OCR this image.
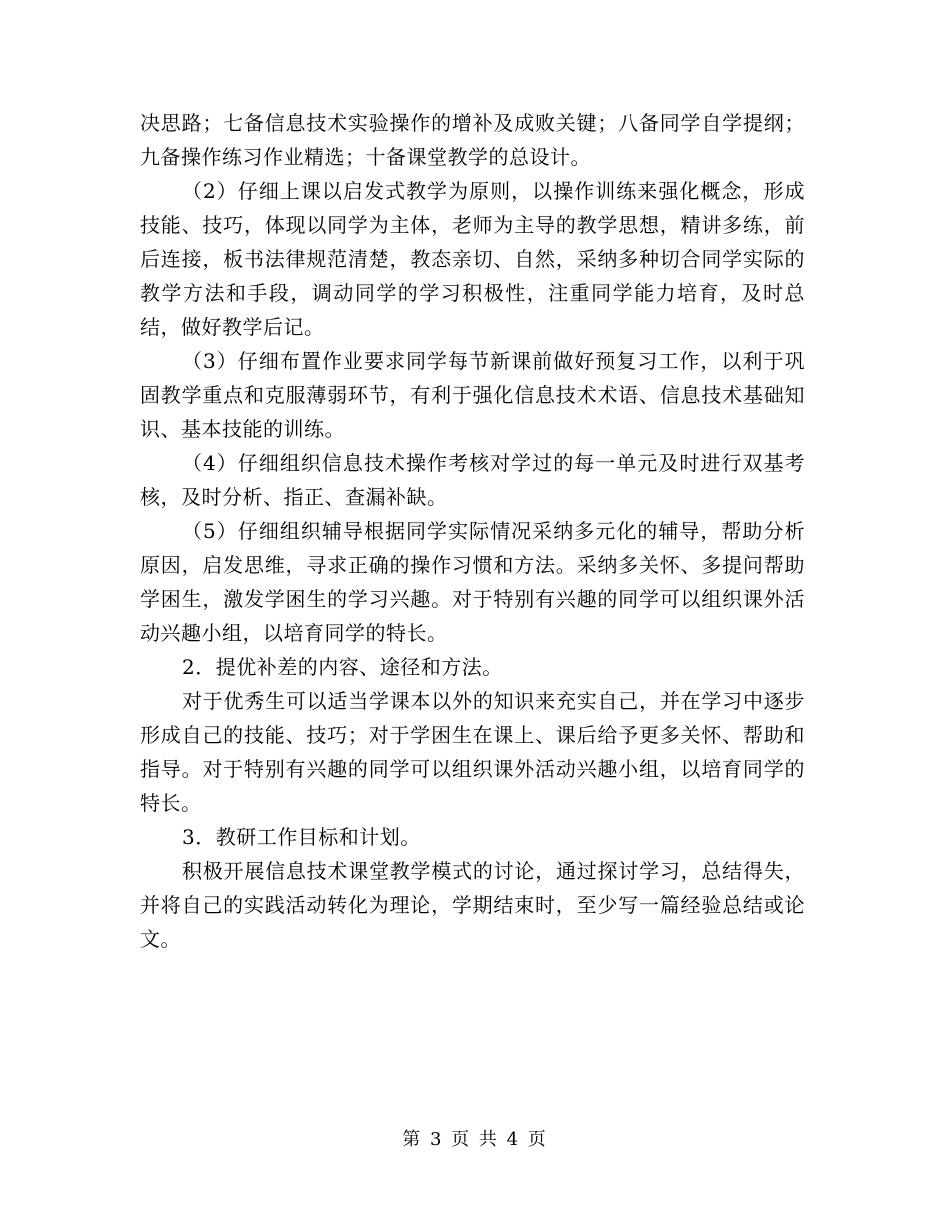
决思路；七备信息技术实验操作的增补及成败关键；八备同学自学提纲；九备操作练习作业精选；十备课堂教学的总设计。

（2）仔细上课以启发式教学为原则，以操作训练来强化概念，形成技能、技巧，体现以同学为主体，老师为主导的教学思想，精讲多练，前后连接，板书法律规范清楚，教态亲切、自然，采纳多种切合同学实际的教学方法和手段，调动同学的学习积极性，注重同学能力培育，及时总结，做好教学后记。

（3）仔细布置作业要求同学每节新课前做好预复习工作，以利于巩固教学重点和克服薄弱环节，有利于强化信息技术术语、信息技术基础知识、基本技能的训练。

（4）仔细组织信息技术操作考核对学过的每一单元及时进行双基考核，及时分析、指正、查漏补缺。

（5）仔细组织辅导根据同学实际情况采纳多元化的辅导，帮助分析原因，启发思维，寻求正确的操作习惯和方法。采纳多关怀、多提问帮助学困生，激发学困生的学习兴趣。对于特别有兴趣的同学可以组织课外活动兴趣小组，以培育同学的特长。

2．提优补差的内容、途径和方法。

对于优秀生可以适当学课本以外的知识来充实自己，并在学习中逐步形成自己的技能、技巧；对于学困生在课上、课后给予更多关怀、帮助和指导。对于特别有兴趣的同学可以组织课外活动兴趣小组，以培育同学的特长。

3．教研工作目标和计划。

积极开展信息技术课堂教学模式的讨论，通过探讨学习，总结得失，并将自己的实践活动转化为理论，学期结束时，至少写一篇经验总结或论文。

第 3 页 共 4 页
